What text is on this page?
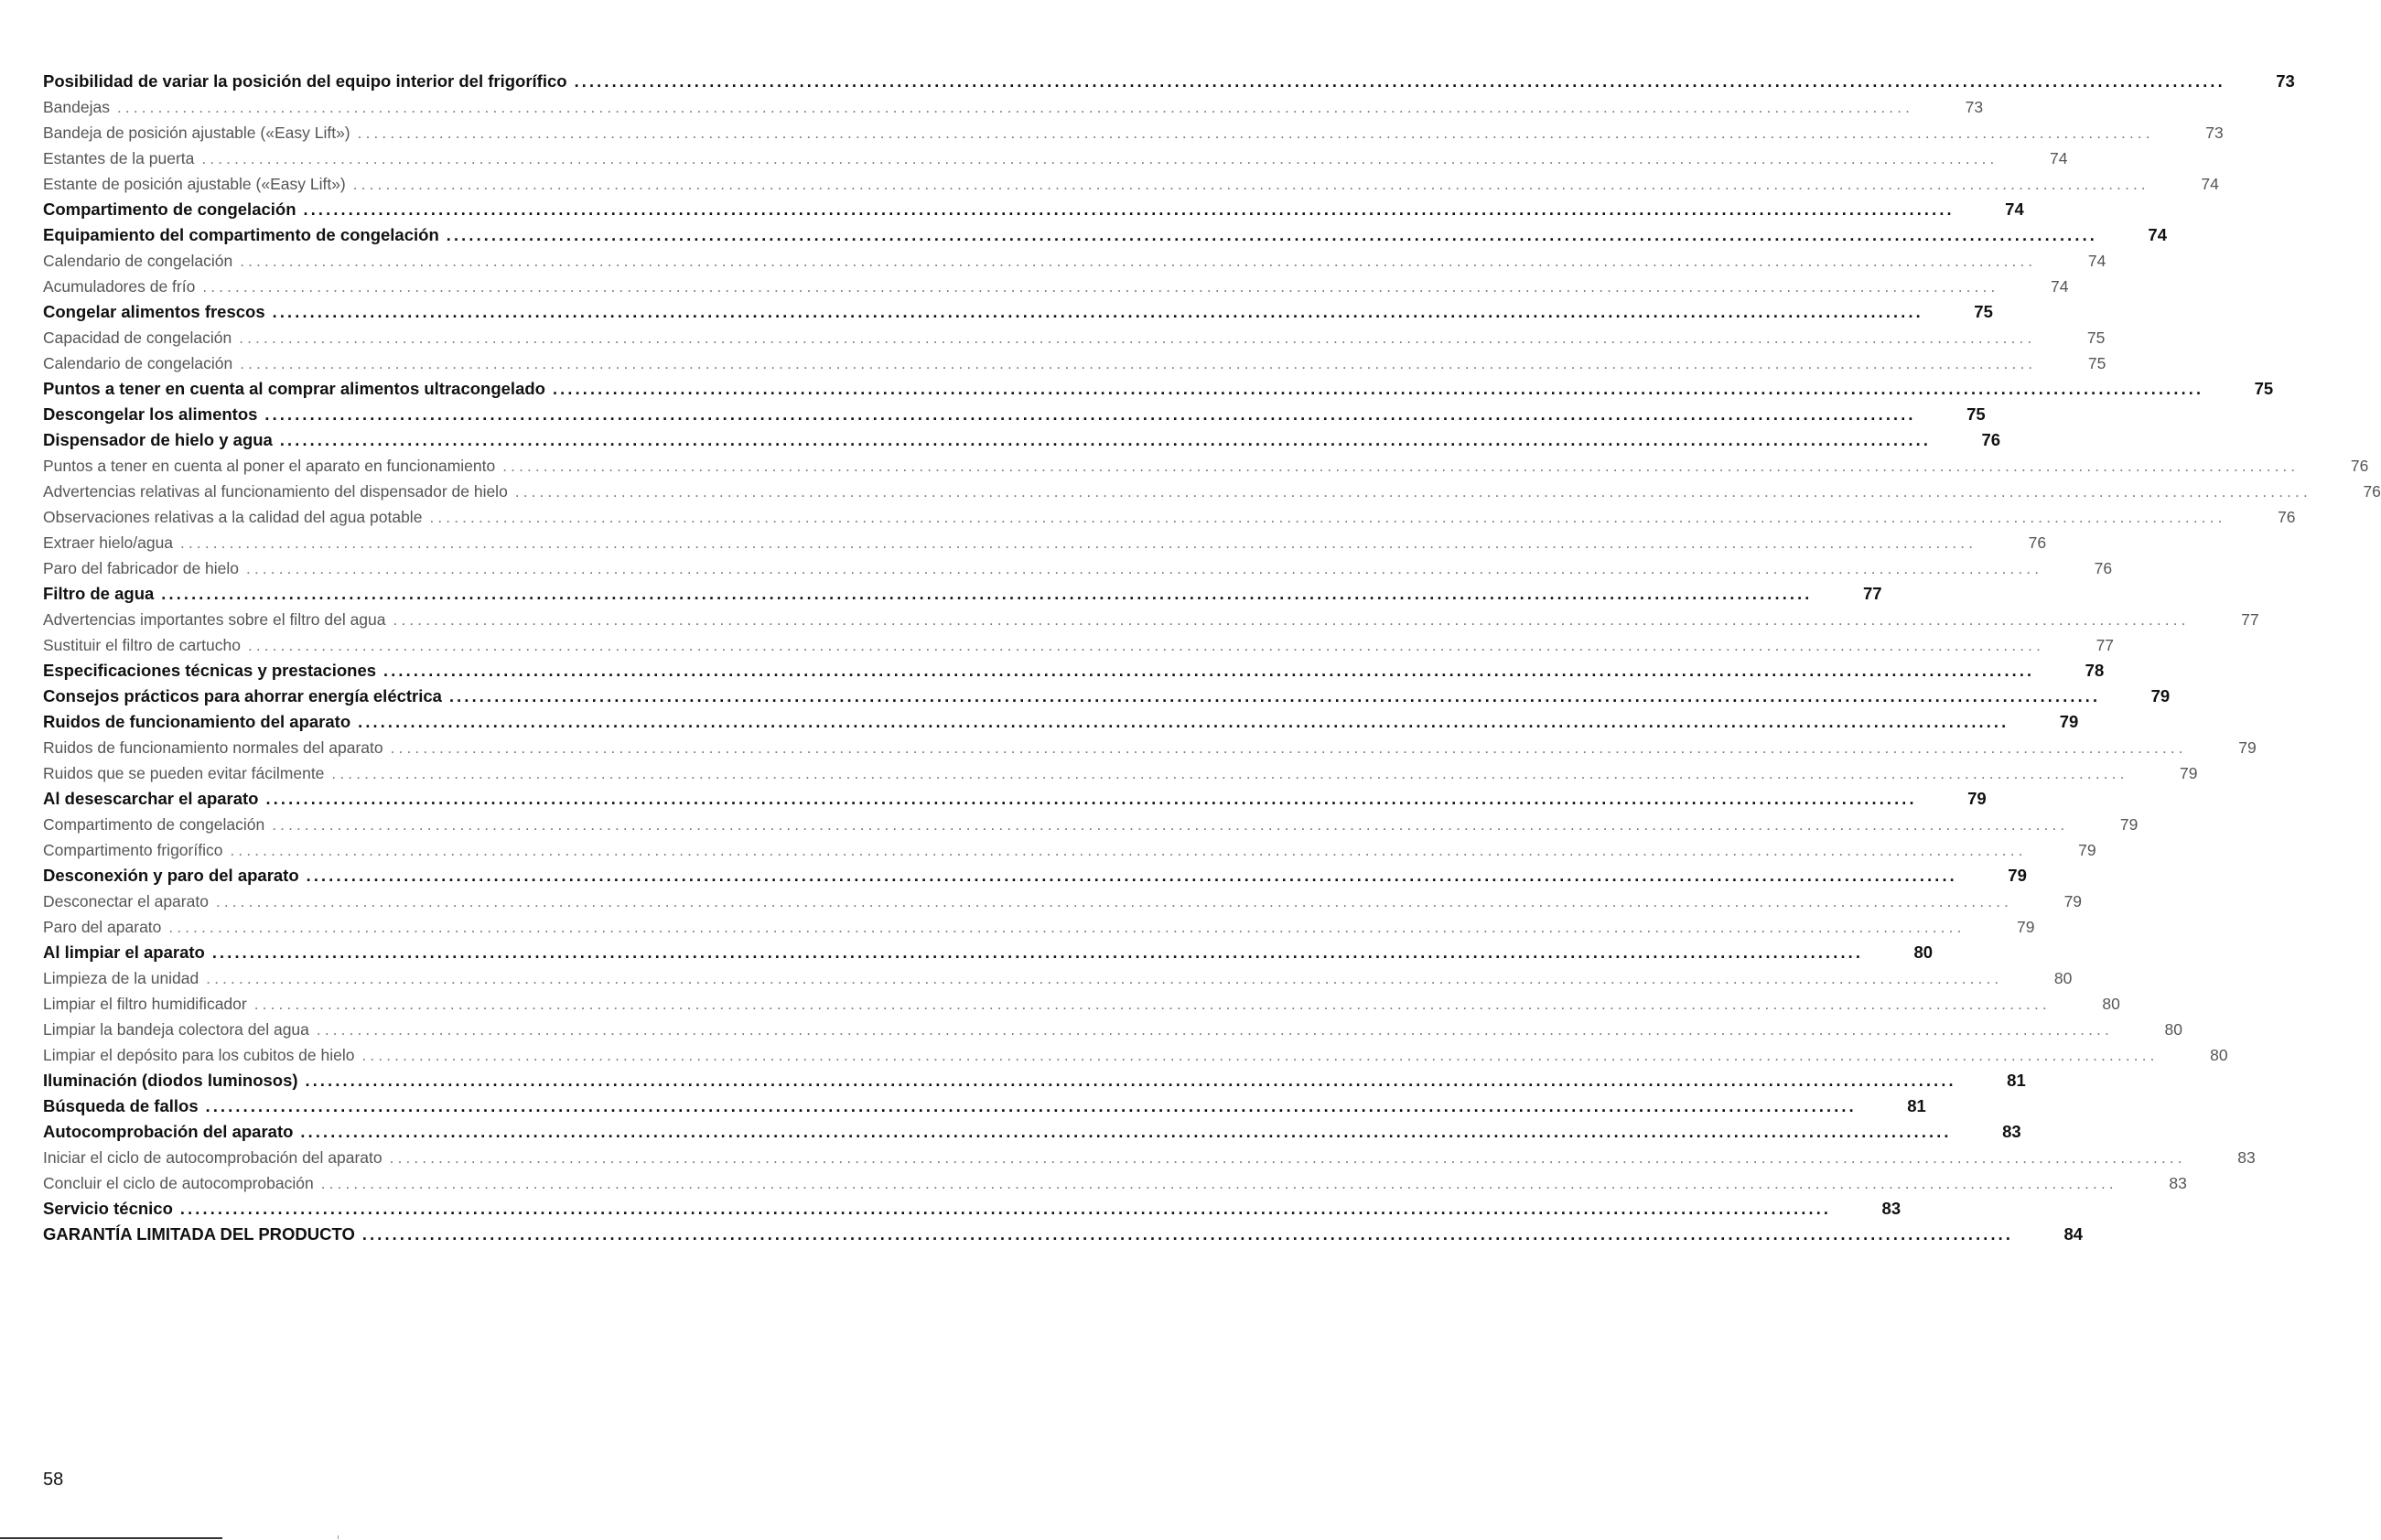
Posibilidad de variar la posición del equipo interior del frigorífico ............................................................................................................................................................................................................................	73
Bandejas ............................................................................................................................................................................................................................	73
Bandeja de posición ajustable («Easy Lift») ............................................................................................................................................................................................................................	73
Estantes de la puerta ............................................................................................................................................................................................................................	74
Estante de posición ajustable («Easy Lift») ............................................................................................................................................................................................................................	74
Compartimento de congelación ............................................................................................................................................................................................................................	74
Equipamiento del compartimento de congelación ............................................................................................................................................................................................................................	74
Calendario de congelación ............................................................................................................................................................................................................................	74
Acumuladores de frío ............................................................................................................................................................................................................................	74
Congelar alimentos frescos ............................................................................................................................................................................................................................	75
Capacidad de congelación ............................................................................................................................................................................................................................	75
Calendario de congelación ............................................................................................................................................................................................................................	75
Puntos a tener en cuenta al comprar alimentos ultracongelado ............................................................................................................................................................................................................................	75
Descongelar los alimentos ............................................................................................................................................................................................................................	75
Dispensador de hielo y agua ............................................................................................................................................................................................................................	76
Puntos a tener en cuenta al poner el aparato en funcionamiento ............................................................................................................................................................................................................................	76
Advertencias relativas al funcionamiento del dispensador de hielo ............................................................................................................................................................................................................................	76
Observaciones relativas a la calidad del agua potable ............................................................................................................................................................................................................................	76
Extraer hielo/agua ............................................................................................................................................................................................................................	76
Paro del fabricador de hielo ............................................................................................................................................................................................................................	76
Filtro de agua ............................................................................................................................................................................................................................	77
Advertencias importantes sobre el filtro del agua ............................................................................................................................................................................................................................	77
Sustituir el filtro de cartucho ............................................................................................................................................................................................................................	77
Especificaciones técnicas y prestaciones ............................................................................................................................................................................................................................	78
Consejos prácticos para ahorrar energía eléctrica ............................................................................................................................................................................................................................	79
Ruidos de funcionamiento del aparato ............................................................................................................................................................................................................................	79
Ruidos de funcionamiento normales del aparato ............................................................................................................................................................................................................................	79
Ruidos que se pueden evitar fácilmente ............................................................................................................................................................................................................................	79
Al desescarchar el aparato ............................................................................................................................................................................................................................	79
Compartimento de congelación ............................................................................................................................................................................................................................	79
Compartimento frigorífico ............................................................................................................................................................................................................................	79
Desconexión y paro del aparato ............................................................................................................................................................................................................................	79
Desconectar el aparato ............................................................................................................................................................................................................................	79
Paro del aparato ............................................................................................................................................................................................................................	79
Al limpiar el aparato ............................................................................................................................................................................................................................	80
Limpieza de la unidad ............................................................................................................................................................................................................................	80
Limpiar el filtro humidificador ............................................................................................................................................................................................................................	80
Limpiar la bandeja colectora del agua ............................................................................................................................................................................................................................	80
Limpiar el depósito para los cubitos de hielo ............................................................................................................................................................................................................................	80
Iluminación (diodos luminosos) ............................................................................................................................................................................................................................	81
Búsqueda de fallos ............................................................................................................................................................................................................................	81
Autocomprobación del aparato ............................................................................................................................................................................................................................	83
Iniciar el ciclo de autocomprobación del aparato ............................................................................................................................................................................................................................	83
Concluir el ciclo de autocomprobación ............................................................................................................................................................................................................................	83
Servicio técnico ............................................................................................................................................................................................................................	83
GARANTÍA LIMITADA DEL PRODUCTO ............................................................................................................................................................................................................................	84
58
